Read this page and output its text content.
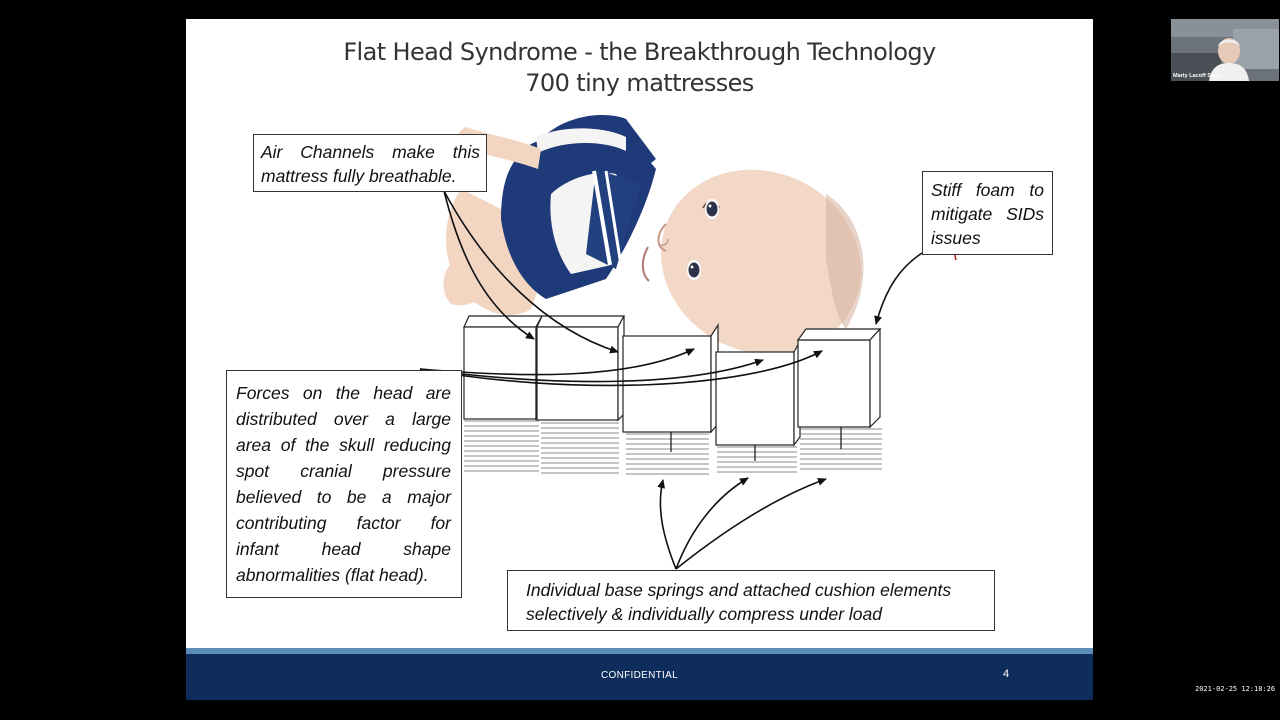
Flat Head Syndrome - the Breakthrough Technology
700 tiny mattresses
Air Channels make this
mattress fully breathable.
Stiff foam to
mitigate SIDs
issues
Forces on the head are
distributed over a large
area of the skull reducing
spot cranial pressure
believed to be a major
contributing factor for
infant head shape
abnormalities (flat head).
Individual base springs and attached cushion elements
selectively & individually compress under load
CONFIDENTIAL	4
Marty Lacoff Sleep...
2021-02-25 12:18:26
